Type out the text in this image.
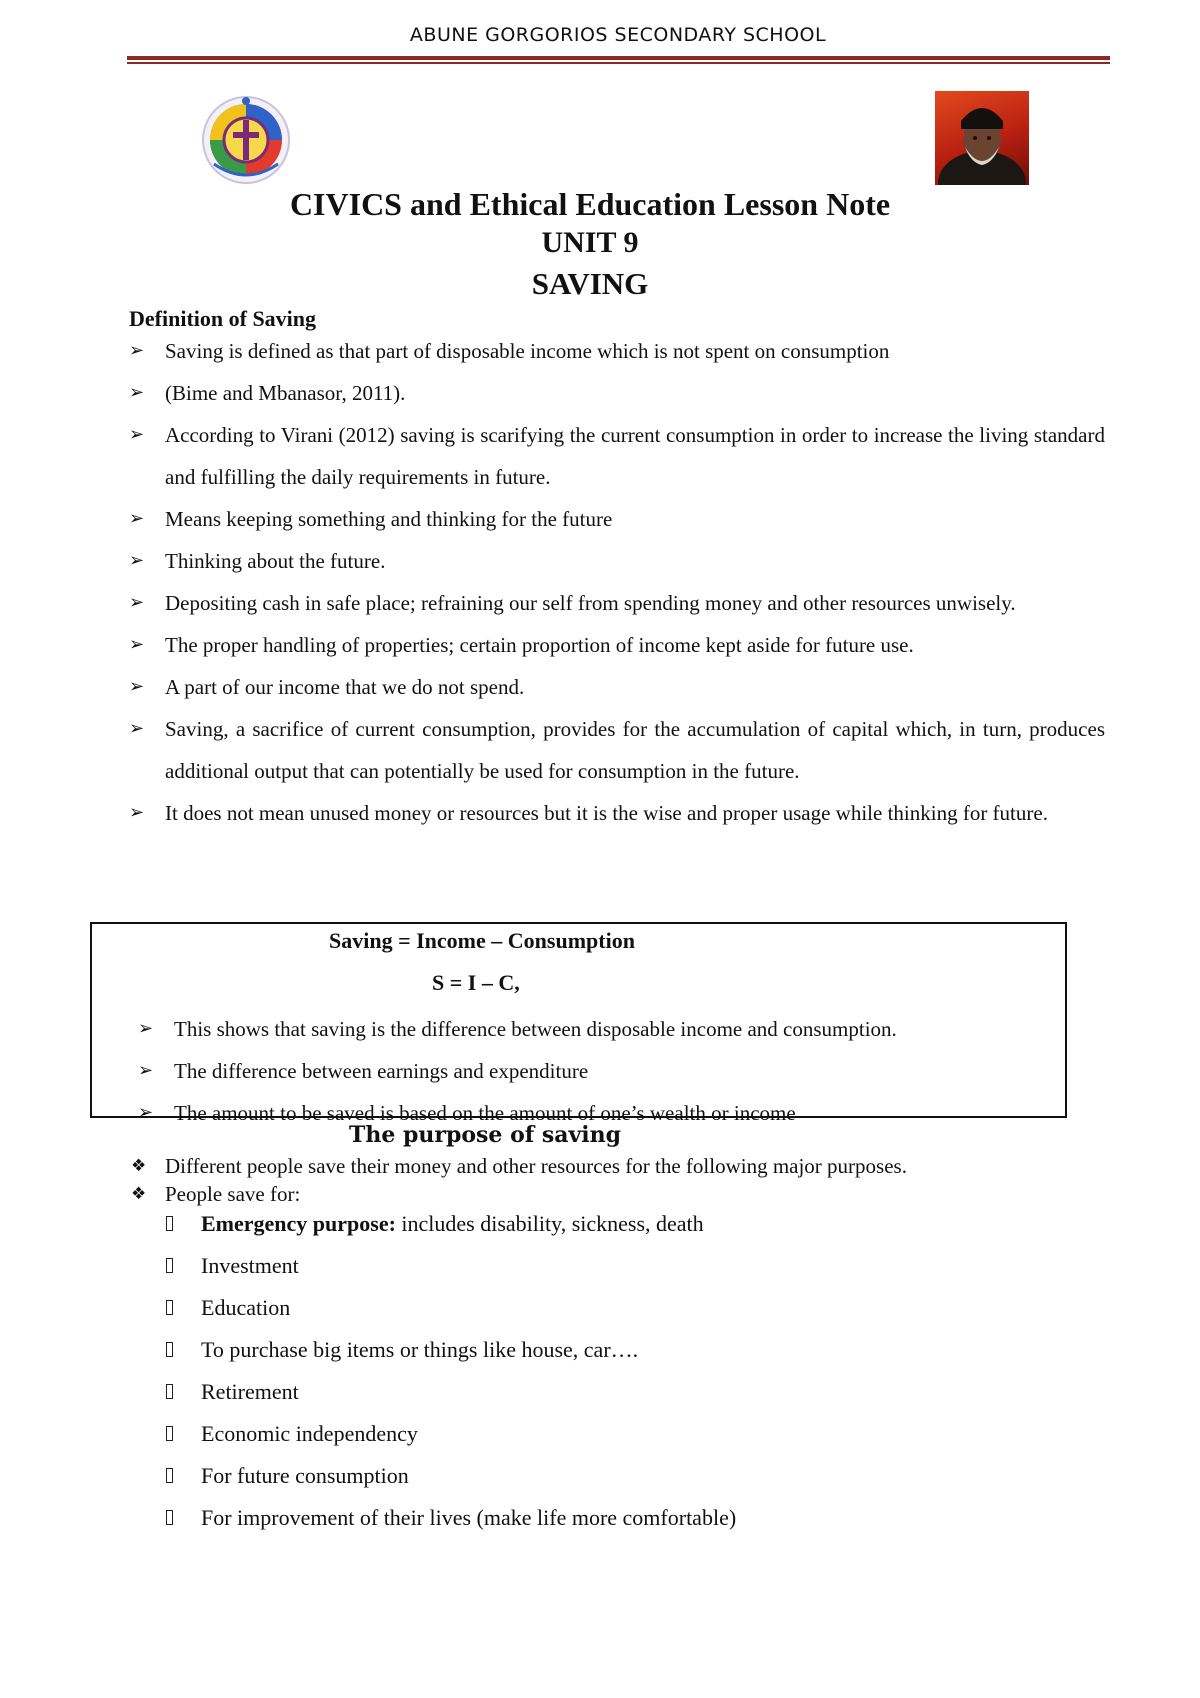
ABUNE GORGORIOS SECONDARY SCHOOL
CIVICS and Ethical Education Lesson Note
UNIT 9
SAVING
Definition of Saving
➢ Saving is defined as that part of disposable income which is not spent on consumption
➢ (Bime and Mbanasor, 2011).
➢ According to Virani (2012) saving is scarifying the current consumption in order to increase the living standard and fulfilling the daily requirements in future.
➢ Means keeping something and thinking for the future
➢ Thinking about the future.
➢ Depositing cash in safe place; refraining our self from spending money and other resources unwisely.
➢ The proper handling of properties; certain proportion of income kept aside for future use.
➢ A part of our income that we do not spend.
➢ Saving, a sacrifice of current consumption, provides for the accumulation of capital which, in turn, produces additional output that can potentially be used for consumption in the future.
➢ It does not mean unused money or resources but it is the wise and proper usage while thinking for future.
Saving = Income – Consumption
S = I – C,
➢ This shows that saving is the difference between disposable income and consumption.
➢ The difference between earnings and expenditure
➢ The amount to be saved is based on the amount of one’s wealth or income
The purpose of saving
❖ Different people save their money and other resources for the following major purposes.
❖ People save for:
Emergency purpose: includes disability, sickness, death
Investment
Education
To purchase big items or things like house, car….
Retirement
Economic independency
For future consumption
For improvement of their lives (make life more comfortable)
